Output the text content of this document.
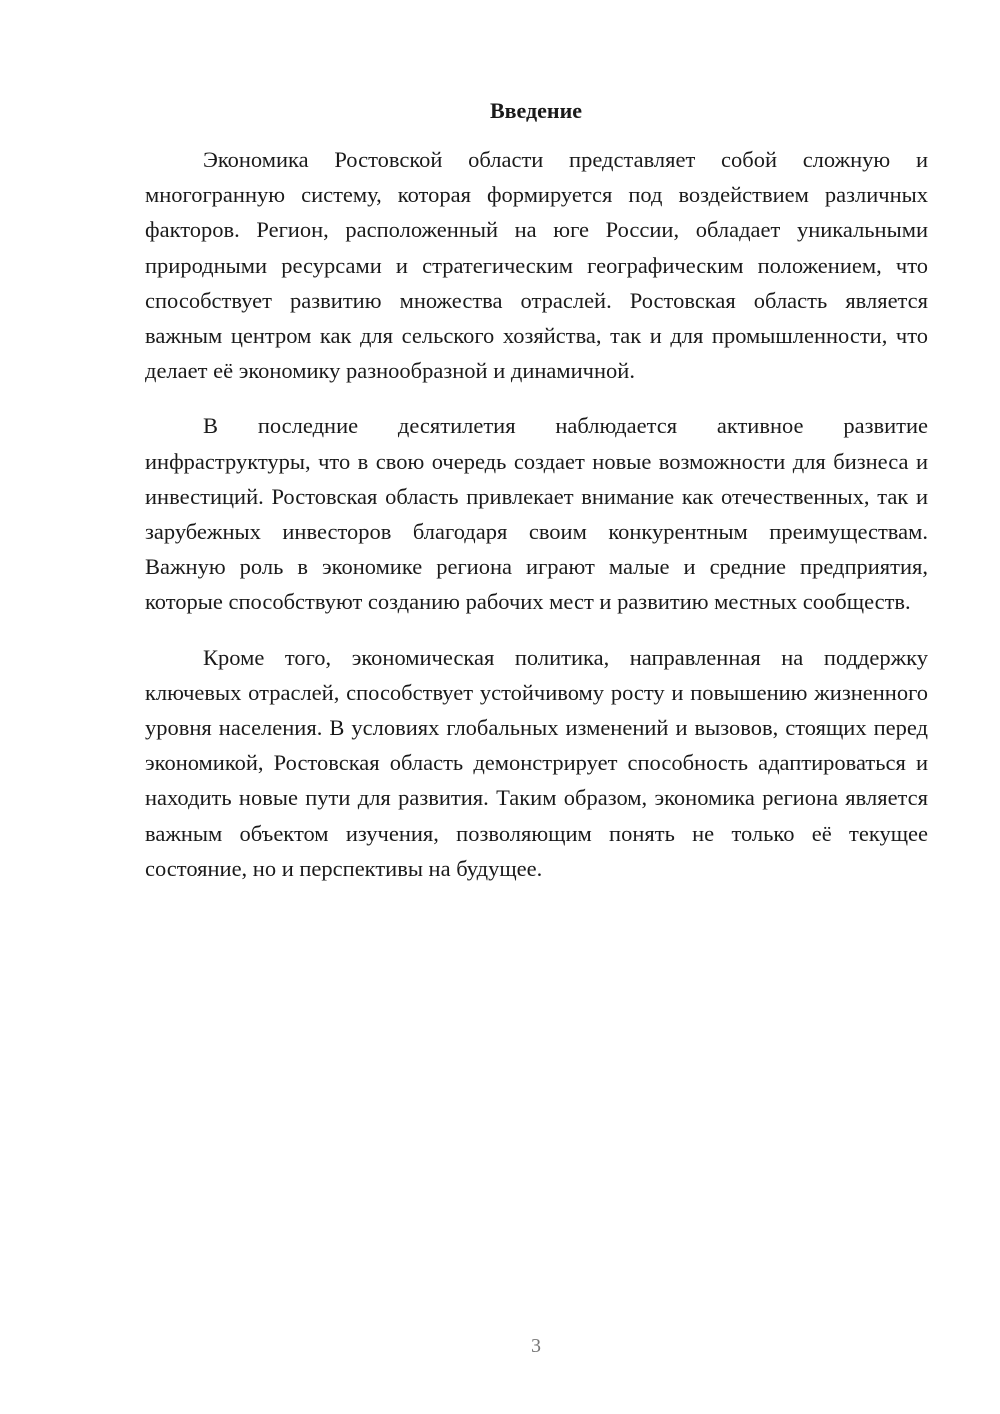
Введение

Экономика Ростовской области представляет собой сложную и многогранную систему, которая формируется под воздействием различных факторов. Регион, расположенный на юге России, обладает уникальными природными ресурсами и стратегическим географическим положением, что способствует развитию множества отраслей. Ростовская область является важным центром как для сельского хозяйства, так и для промышленности, что делает её экономику разнообразной и динамичной.

В последние десятилетия наблюдается активное развитие инфраструктуры, что в свою очередь создает новые возможности для бизнеса и инвестиций. Ростовская область привлекает внимание как отечественных, так и зарубежных инвесторов благодаря своим конкурентным преимуществам. Важную роль в экономике региона играют малые и средние предприятия, которые способствуют созданию рабочих мест и развитию местных сообществ.

Кроме того, экономическая политика, направленная на поддержку ключевых отраслей, способствует устойчивому росту и повышению жизненного уровня населения. В условиях глобальных изменений и вызовов, стоящих перед экономикой, Ростовская область демонстрирует способность адаптироваться и находить новые пути для развития. Таким образом, экономика региона является важным объектом изучения, позволяющим понять не только её текущее состояние, но и перспективы на будущее.

3
